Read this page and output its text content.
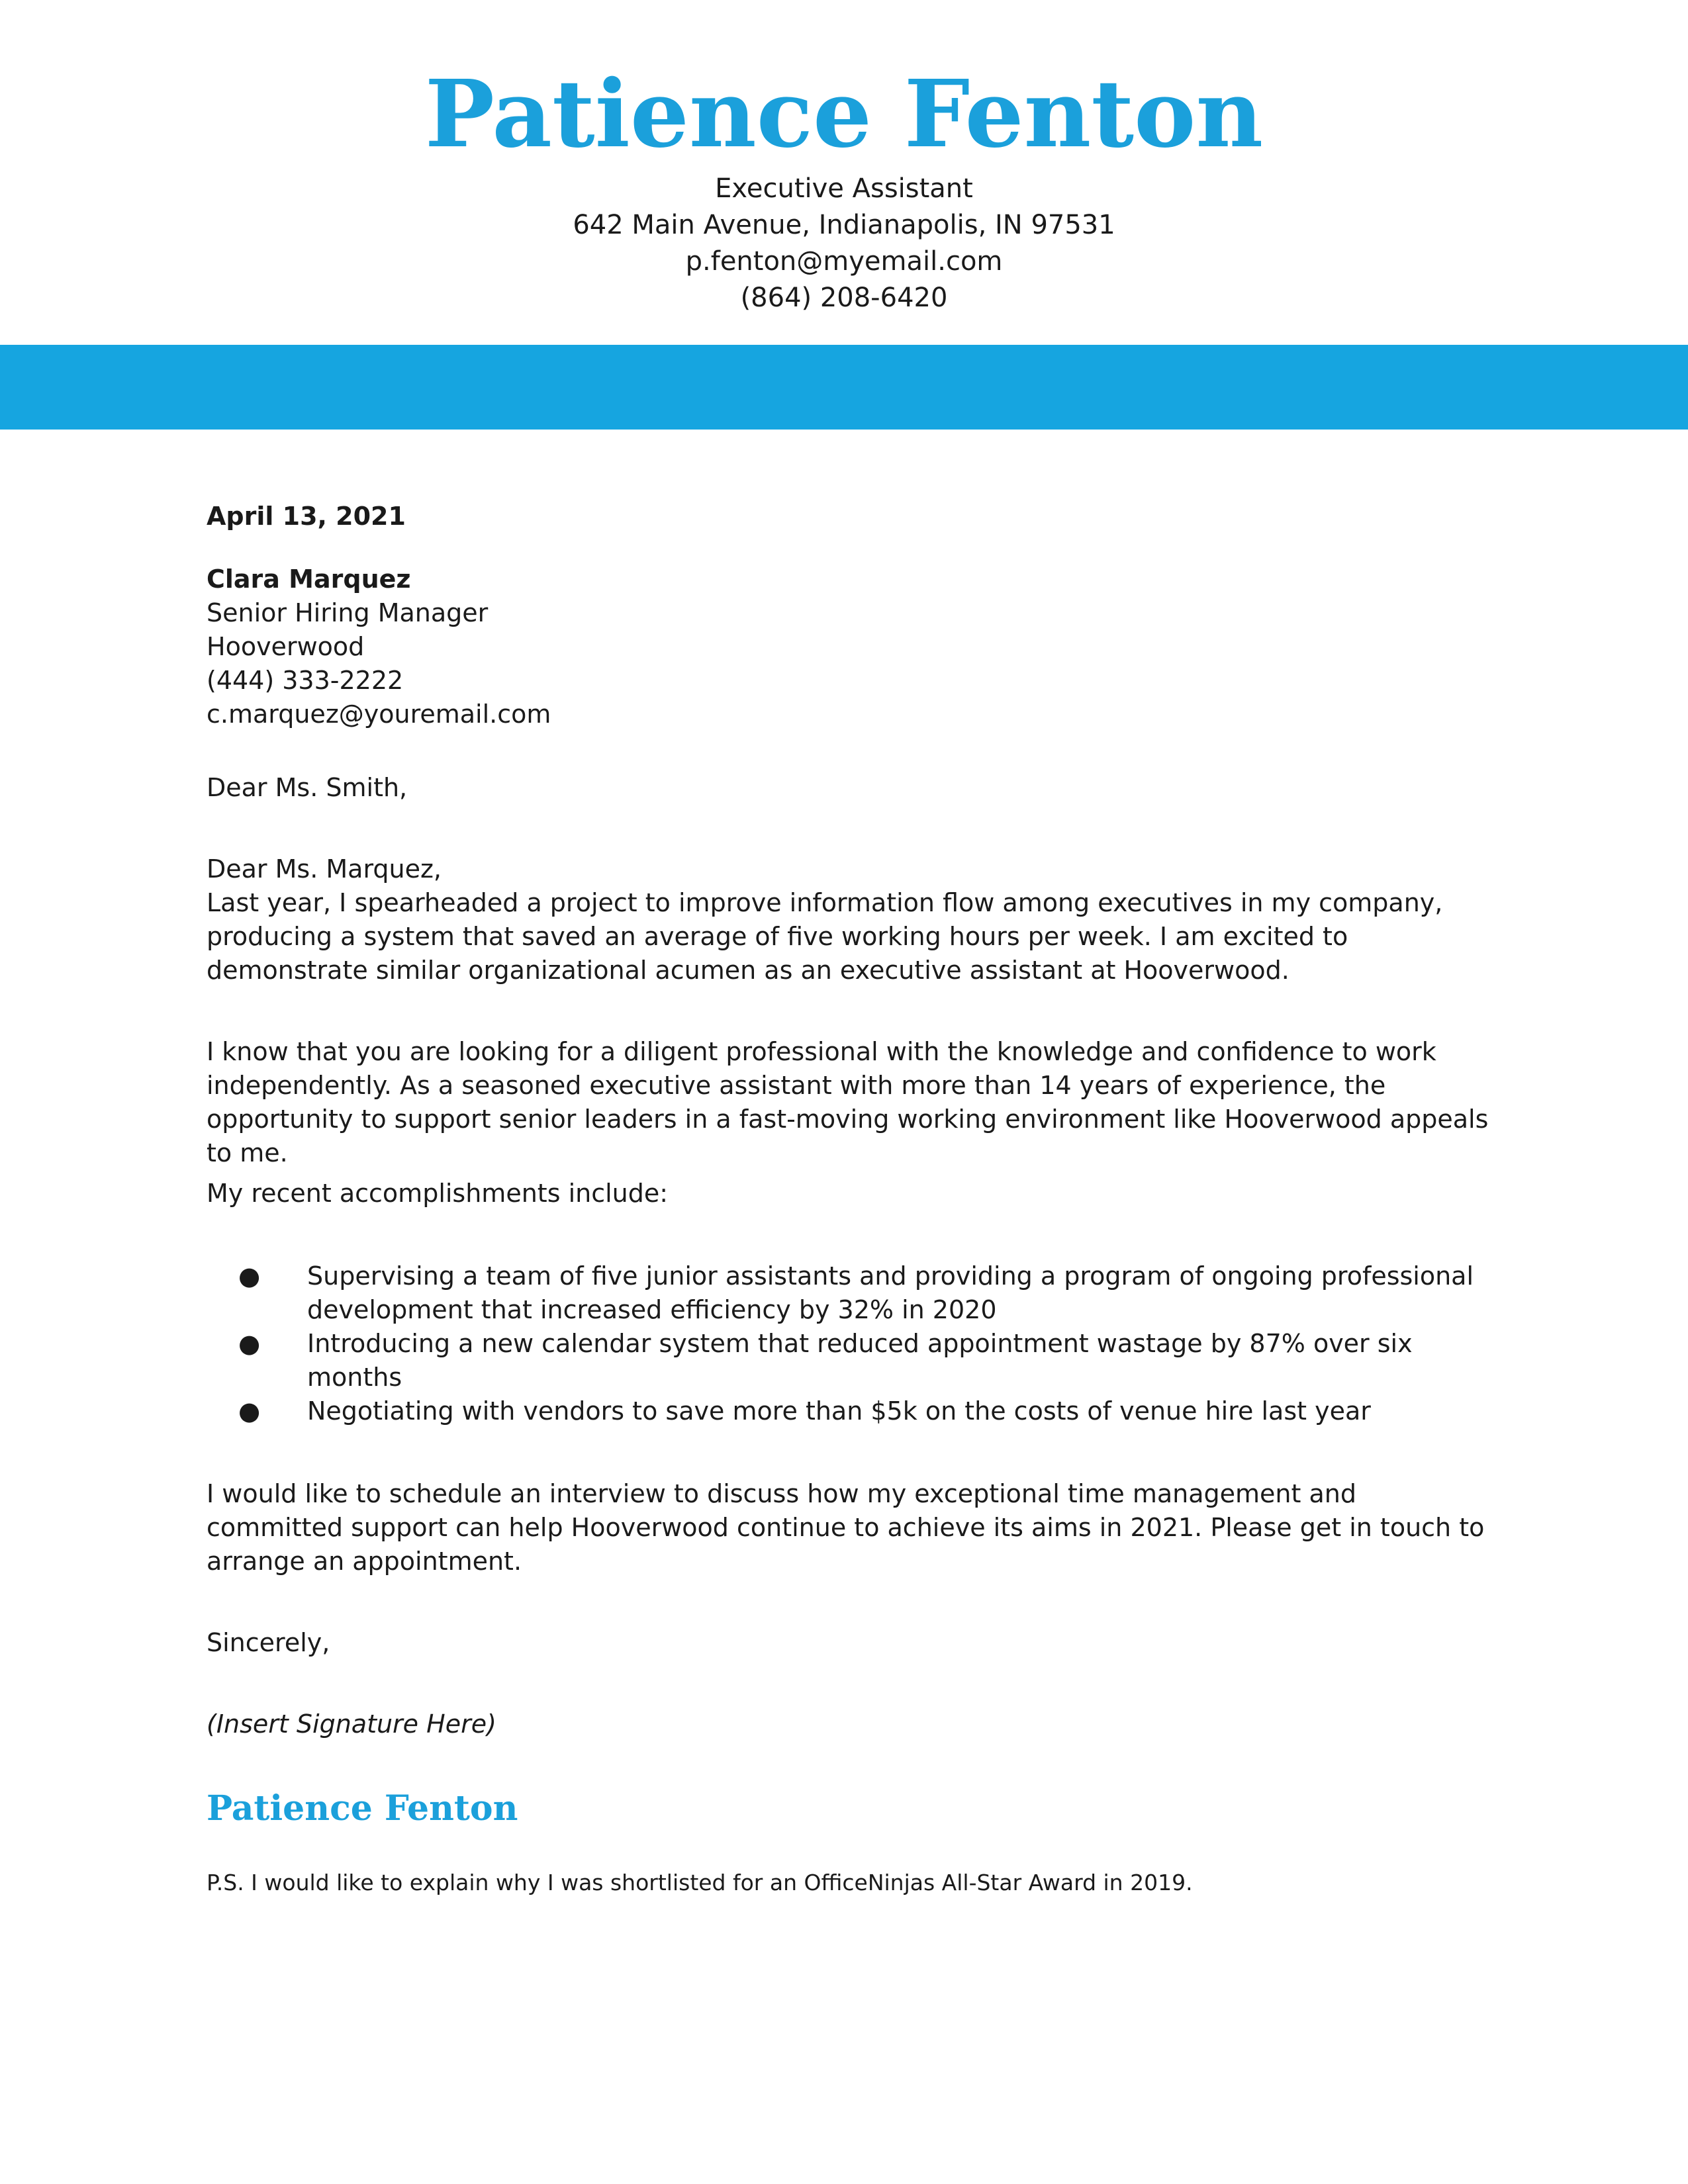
Patience Fenton
Executive Assistant
642 Main Avenue, Indianapolis, IN 97531
p.fenton@myemail.com
(864) 208-6420
April 13, 2021
Clara Marquez
Senior Hiring Manager
Hooverwood
(444) 333-2222
c.marquez@youremail.com
Dear Ms. Smith,
Dear Ms. Marquez,

Last year, I spearheaded a project to improve information flow among executives in my company, producing a system that saved an average of five working hours per week. I am excited to demonstrate similar organizational acumen as an executive assistant at Hooverwood.

I know that you are looking for a diligent professional with the knowledge and confidence to work independently. As a seasoned executive assistant with more than 14 years of experience, the opportunity to support senior leaders in a fast-moving working environment like Hooverwood appeals to me.

My recent accomplishments include:
● Supervising a team of five junior assistants and providing a program of ongoing professional development that increased efficiency by 32% in 2020
● Introducing a new calendar system that reduced appointment wastage by 87% over six months
● Negotiating with vendors to save more than $5k on the costs of venue hire last year

I would like to schedule an interview to discuss how my exceptional time management and committed support can help Hooverwood continue to achieve its aims in 2021. Please get in touch to arrange an appointment.

Sincerely,
(Insert Signature Here)
Patience Fenton
P.S. I would like to explain why I was shortlisted for an OfficeNinjas All-Star Award in 2019.
